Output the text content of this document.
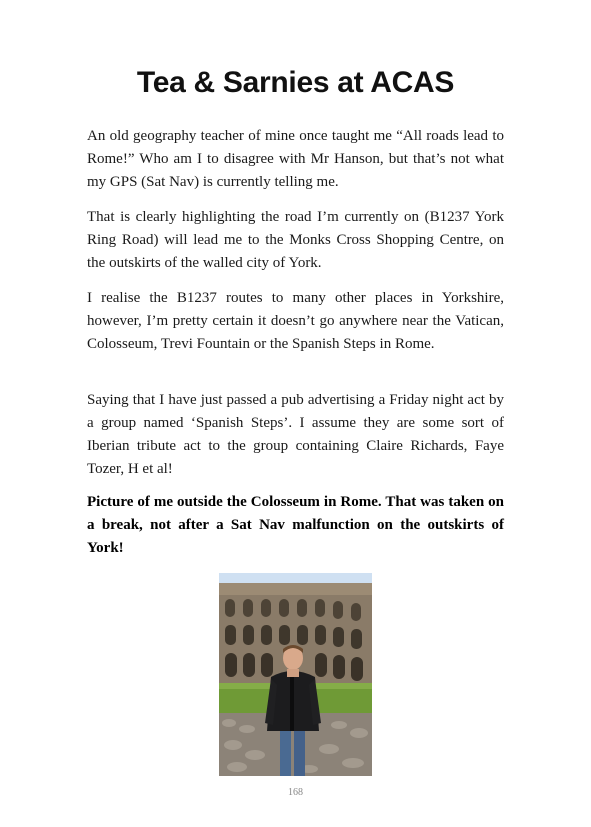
Tea & Sarnies at ACAS

An old geography teacher of mine once taught me “All roads lead to Rome!” Who am I to disagree with Mr Hanson, but that’s not what my GPS (Sat Nav) is currently telling me.

That is clearly highlighting the road I’m currently on (B1237 York Ring Road) will lead me to the Monks Cross Shopping Centre, on the outskirts of the walled city of York.

I realise the B1237 routes to many other places in Yorkshire, however, I’m pretty certain it doesn’t go anywhere near the Vatican, Colosseum, Trevi Fountain or the Spanish Steps in Rome.

Saying that I have just passed a pub advertising a Friday night act by a group named ‘Spanish Steps’. I assume they are some sort of Iberian tribute act to the group containing Claire Richards, Faye Tozer, H et al!

Picture of me outside the Colosseum in Rome. That was taken on a break, not after a Sat Nav malfunction on the outskirts of York!

168
